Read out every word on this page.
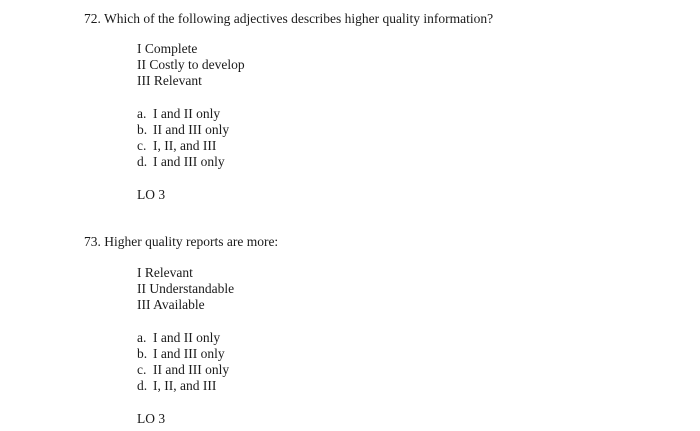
72. Which of the following adjectives describes higher quality information?
I Complete
II Costly to develop
III Relevant
a. I and II only
b. II and III only
c. I, II, and III
d. I and III only
LO 3
73. Higher quality reports are more:
I Relevant
II Understandable
III Available
a. I and II only
b. I and III only
c. II and III only
d. I, II, and III
LO 3
